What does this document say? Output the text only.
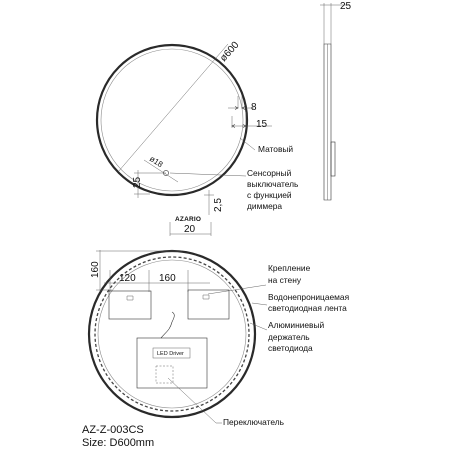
ø600
8
15
Матовый
ø18
25
2,5
AZARIO
20
Сенсорный выключатель с функцией диммера
25
160
120 160
LED Driver
Крепление на стену
Водонепроницаемая светодиодная лента
Алюминиевый держатель светодиода
Переключатель
AZ-Z-003CS
Size: D600mm
